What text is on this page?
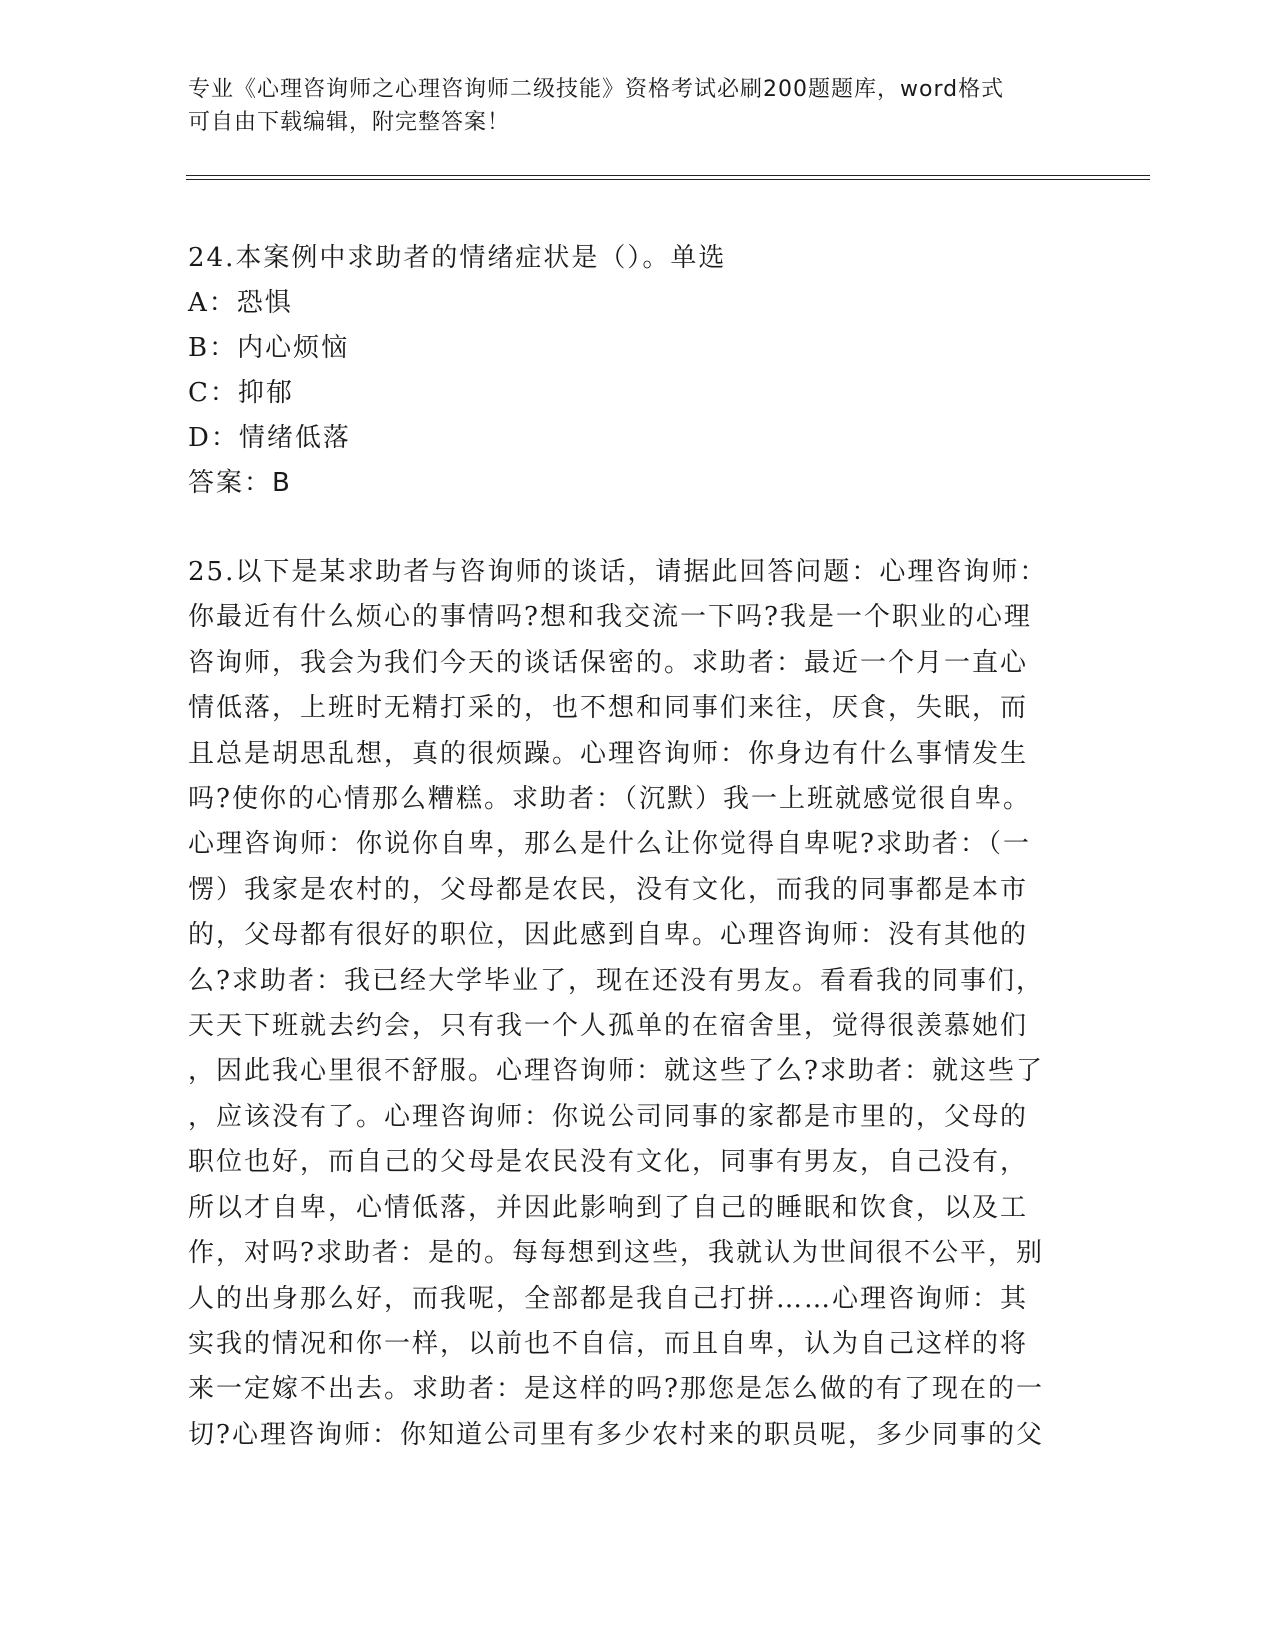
专业《心理咨询师之心理咨询师二级技能》资格考试必刷200题题库，word格式
可自由下载编辑，附完整答案！
24.本案例中求助者的情绪症状是（）。单选
A：恐惧
B：内心烦恼
C：抑郁
D：情绪低落
答案：B
25.以下是某求助者与咨询师的谈话，请据此回答问题：心理咨询师：
你最近有什么烦心的事情吗?想和我交流一下吗?我是一个职业的心理
咨询师，我会为我们今天的谈话保密的。求助者：最近一个月一直心
情低落，上班时无精打采的，也不想和同事们来往，厌食，失眠，而
且总是胡思乱想，真的很烦躁。心理咨询师：你身边有什么事情发生
吗?使你的心情那么糟糕。求助者：（沉默）我一上班就感觉很自卑。
心理咨询师：你说你自卑，那么是什么让你觉得自卑呢?求助者：（一
愣）我家是农村的，父母都是农民，没有文化，而我的同事都是本市
的，父母都有很好的职位，因此感到自卑。心理咨询师：没有其他的
么?求助者：我已经大学毕业了，现在还没有男友。看看我的同事们，
天天下班就去约会，只有我一个人孤单的在宿舍里，觉得很羡慕她们
，因此我心里很不舒服。心理咨询师：就这些了么?求助者：就这些了
，应该没有了。心理咨询师：你说公司同事的家都是市里的，父母的
职位也好，而自己的父母是农民没有文化，同事有男友，自己没有，
所以才自卑，心情低落，并因此影响到了自己的睡眠和饮食，以及工
作，对吗?求助者：是的。每每想到这些，我就认为世间很不公平，别
人的出身那么好，而我呢，全部都是我自己打拼……心理咨询师：其
实我的情况和你一样，以前也不自信，而且自卑，认为自己这样的将
来一定嫁不出去。求助者：是这样的吗?那您是怎么做的有了现在的一
切?心理咨询师：你知道公司里有多少农村来的职员呢，多少同事的父
